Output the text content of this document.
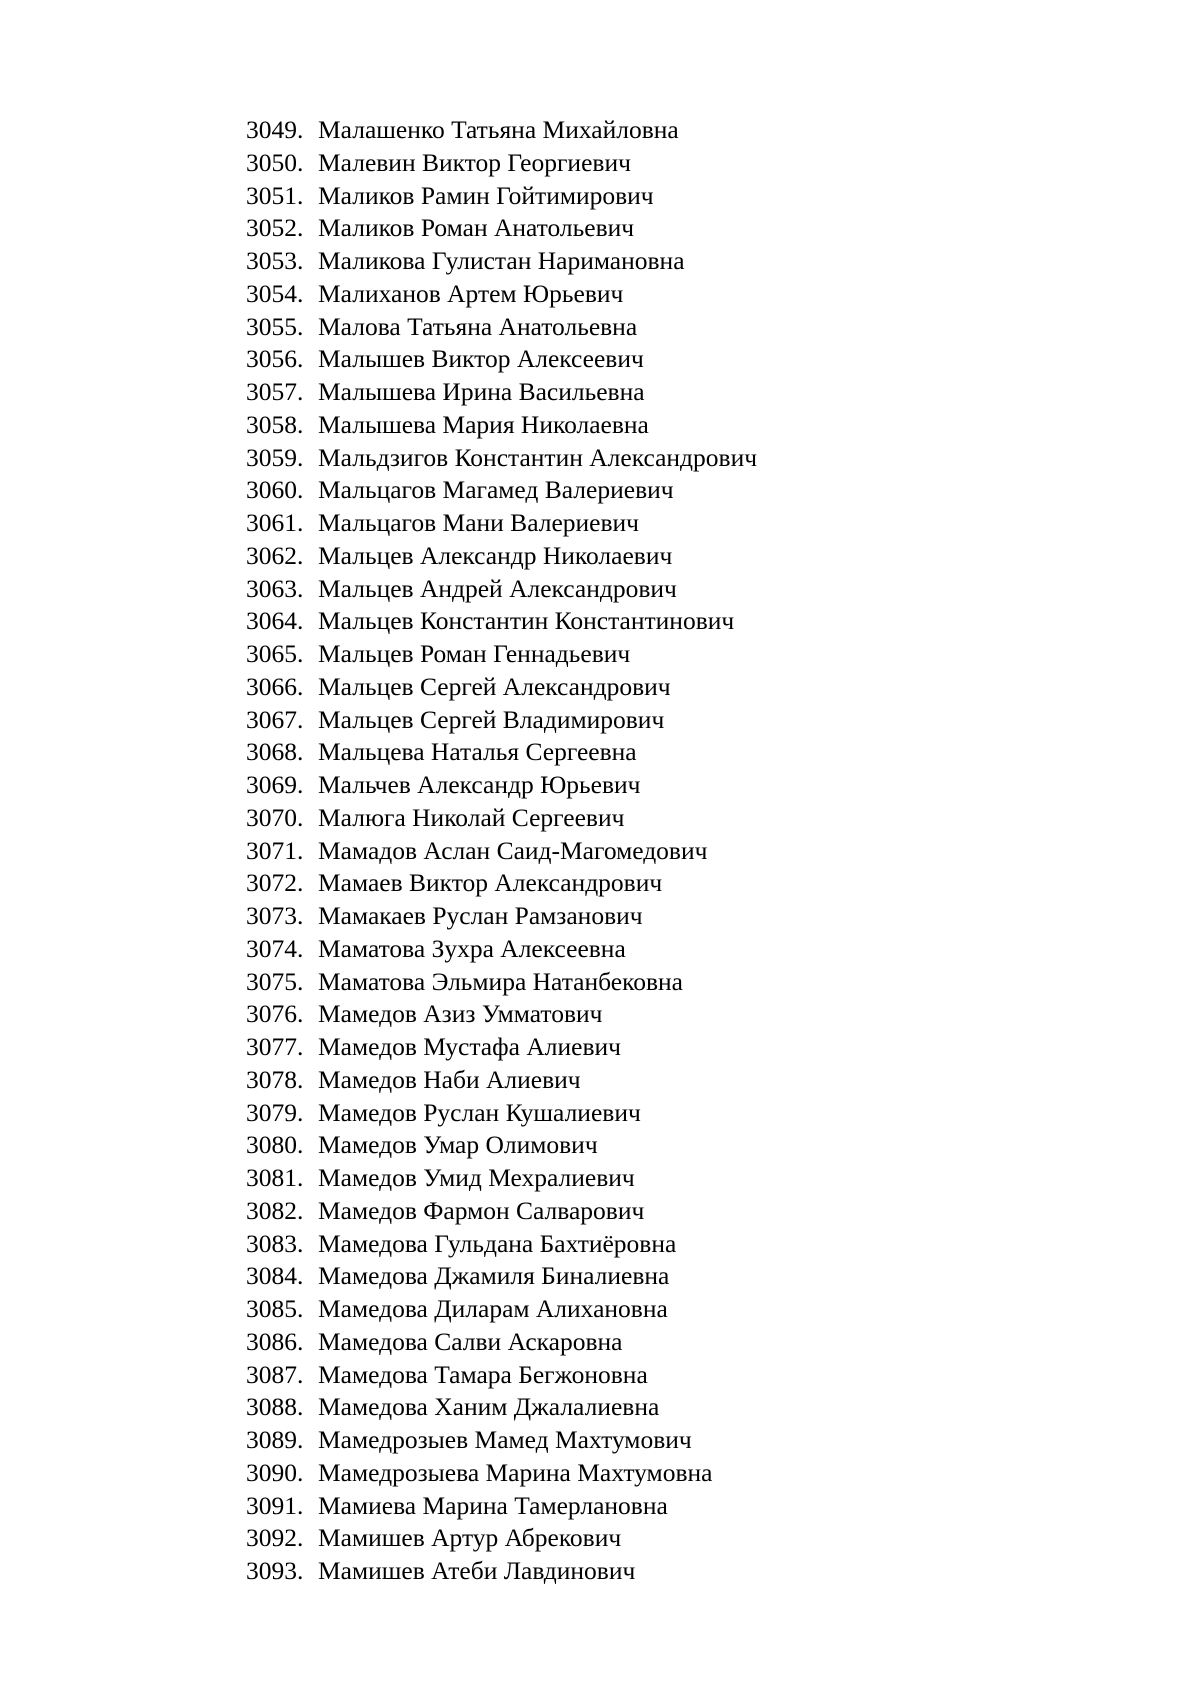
3049. Малашенко Татьяна Михайловна
3050. Малевин Виктор Георгиевич
3051. Маликов Рамин Гойтимирович
3052. Маликов Роман Анатольевич
3053. Маликова Гулистан Наримановна
3054. Малиханов Артем Юрьевич
3055. Малова Татьяна Анатольевна
3056. Малышев Виктор Алексеевич
3057. Малышева Ирина Васильевна
3058. Малышева Мария Николаевна
3059. Мальдзигов Константин Александрович
3060. Мальцагов Магамед Валериевич
3061. Мальцагов Мани Валериевич
3062. Мальцев Александр Николаевич
3063. Мальцев Андрей Александрович
3064. Мальцев Константин Константинович
3065. Мальцев Роман Геннадьевич
3066. Мальцев Сергей Александрович
3067. Мальцев Сергей Владимирович
3068. Мальцева Наталья Сергеевна
3069. Мальчев Александр Юрьевич
3070. Малюга Николай Сергеевич
3071. Мамадов Аслан Саид-Магомедович
3072. Мамаев Виктор Александрович
3073. Мамакаев Руслан Рамзанович
3074. Маматова Зухра Алексеевна
3075. Маматова Эльмира Натанбековна
3076. Мамедов Азиз Умматович
3077. Мамедов Мустафа Алиевич
3078. Мамедов Наби Алиевич
3079. Мамедов Руслан Кушалиевич
3080. Мамедов Умар Олимович
3081. Мамедов Умид Мехралиевич
3082. Мамедов Фармон Салварович
3083. Мамедова Гульдана Бахтиёровна
3084. Мамедова Джамиля Биналиевна
3085. Мамедова Диларам Алихановна
3086. Мамедова Салви Аскаровна
3087. Мамедова Тамара Бегжоновна
3088. Мамедова Ханим Джалалиевна
3089. Мамедрозыев Мамед Махтумович
3090. Мамедрозыева Марина Махтумовна
3091. Мамиева Марина Тамерлановна
3092. Мамишев Артур Абрекович
3093. Мамишев Атеби Лавдинович
